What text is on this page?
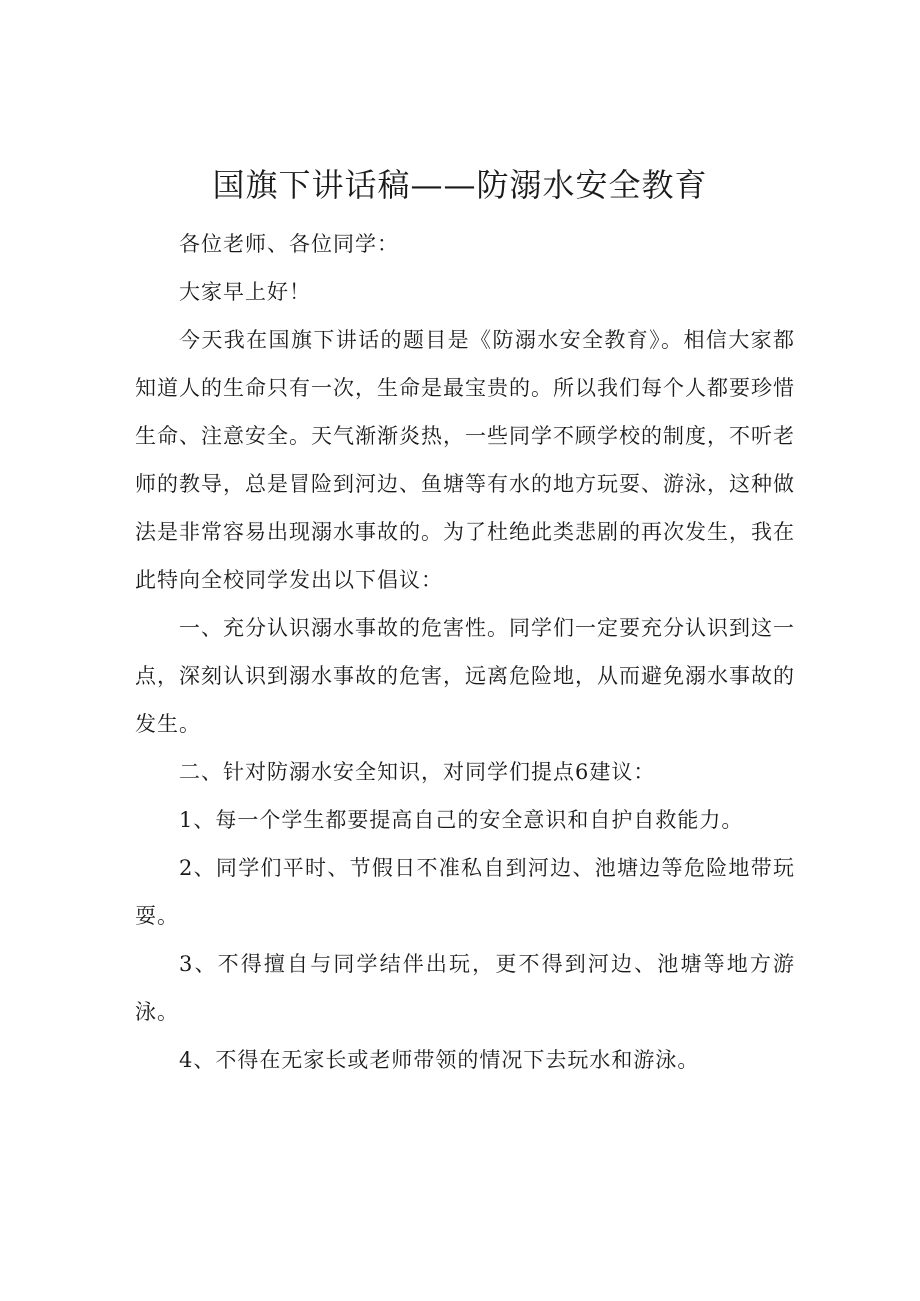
国旗下讲话稿——防溺水安全教育

各位老师、各位同学：

大家早上好！

今天我在国旗下讲话的题目是《防溺水安全教育》。相信大家都知道人的生命只有一次，生命是最宝贵的。所以我们每个人都要珍惜生命、注意安全。天气渐渐炎热，一些同学不顾学校的制度，不听老师的教导，总是冒险到河边、鱼塘等有水的地方玩耍、游泳，这种做法是非常容易出现溺水事故的。为了杜绝此类悲剧的再次发生，我在此特向全校同学发出以下倡议：

一、充分认识溺水事故的危害性。同学们一定要充分认识到这一点，深刻认识到溺水事故的危害，远离危险地，从而避免溺水事故的发生。

二、针对防溺水安全知识，对同学们提点6建议：

1、每一个学生都要提高自己的安全意识和自护自救能力。

2、同学们平时、节假日不准私自到河边、池塘边等危险地带玩耍。

3、不得擅自与同学结伴出玩，更不得到河边、池塘等地方游泳。

4、不得在无家长或老师带领的情况下去玩水和游泳。
